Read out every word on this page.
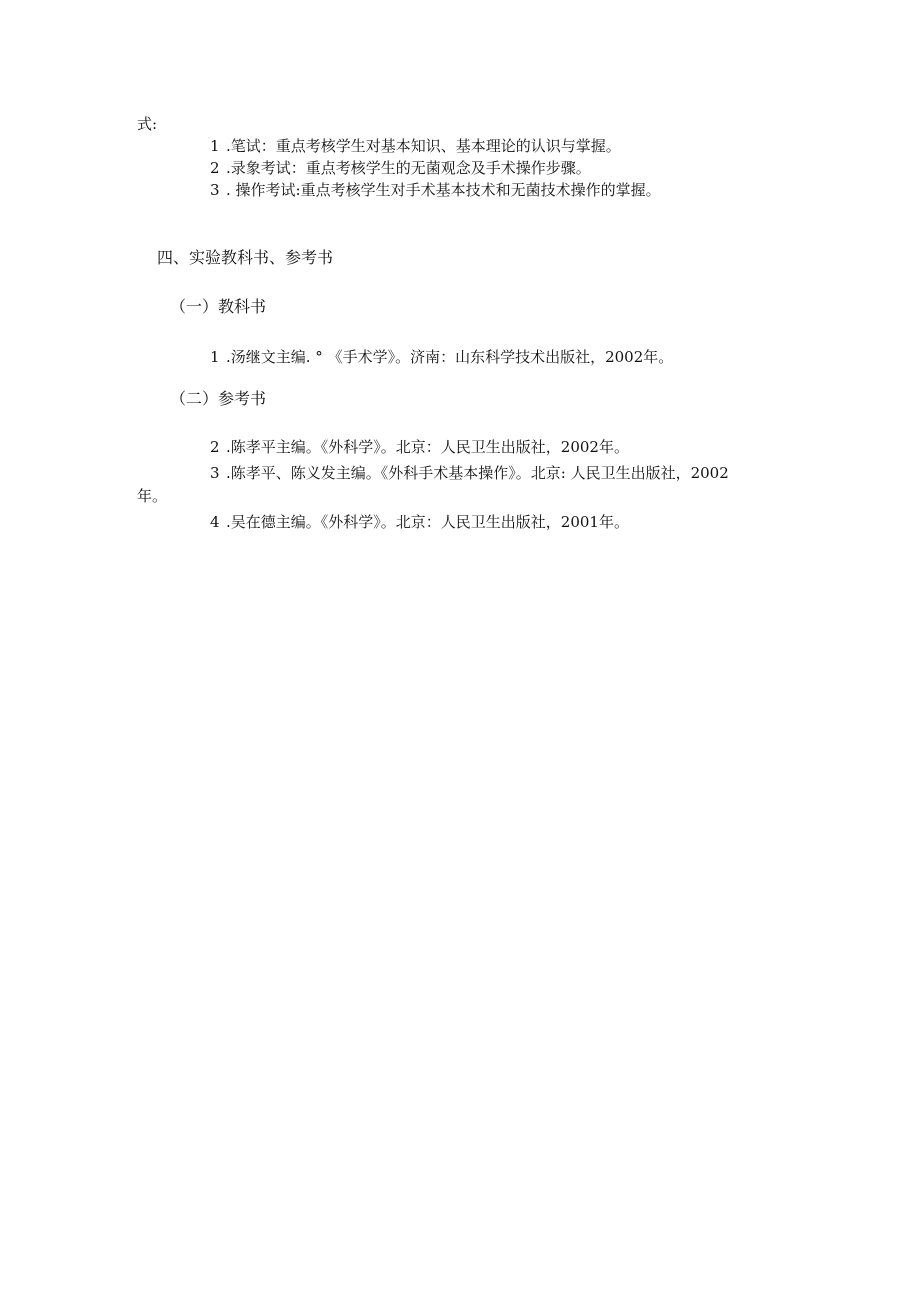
式:
1 .笔试：重点考核学生对基本知识、基本理论的认识与掌握。
2 .录象考试：重点考核学生的无菌观念及手术操作步骤。
3 . 操作考试:重点考核学生对手术基本技术和无菌技术操作的掌握。
四、实验教科书、参考书
（一）教科书
1 .汤继文主编. ° 《手术学》。济南：山东科学技术出版社，2002年。
（二）参考书
2 .陈孝平主编。《外科学》。北京：人民卫生出版社，2002年。
3 .陈孝平、陈义发主编。《外科手术基本操作》。北京: 人民卫生出版社，2002
年。
4 .吴在德主编。《外科学》。北京：人民卫生出版社，2001年。
